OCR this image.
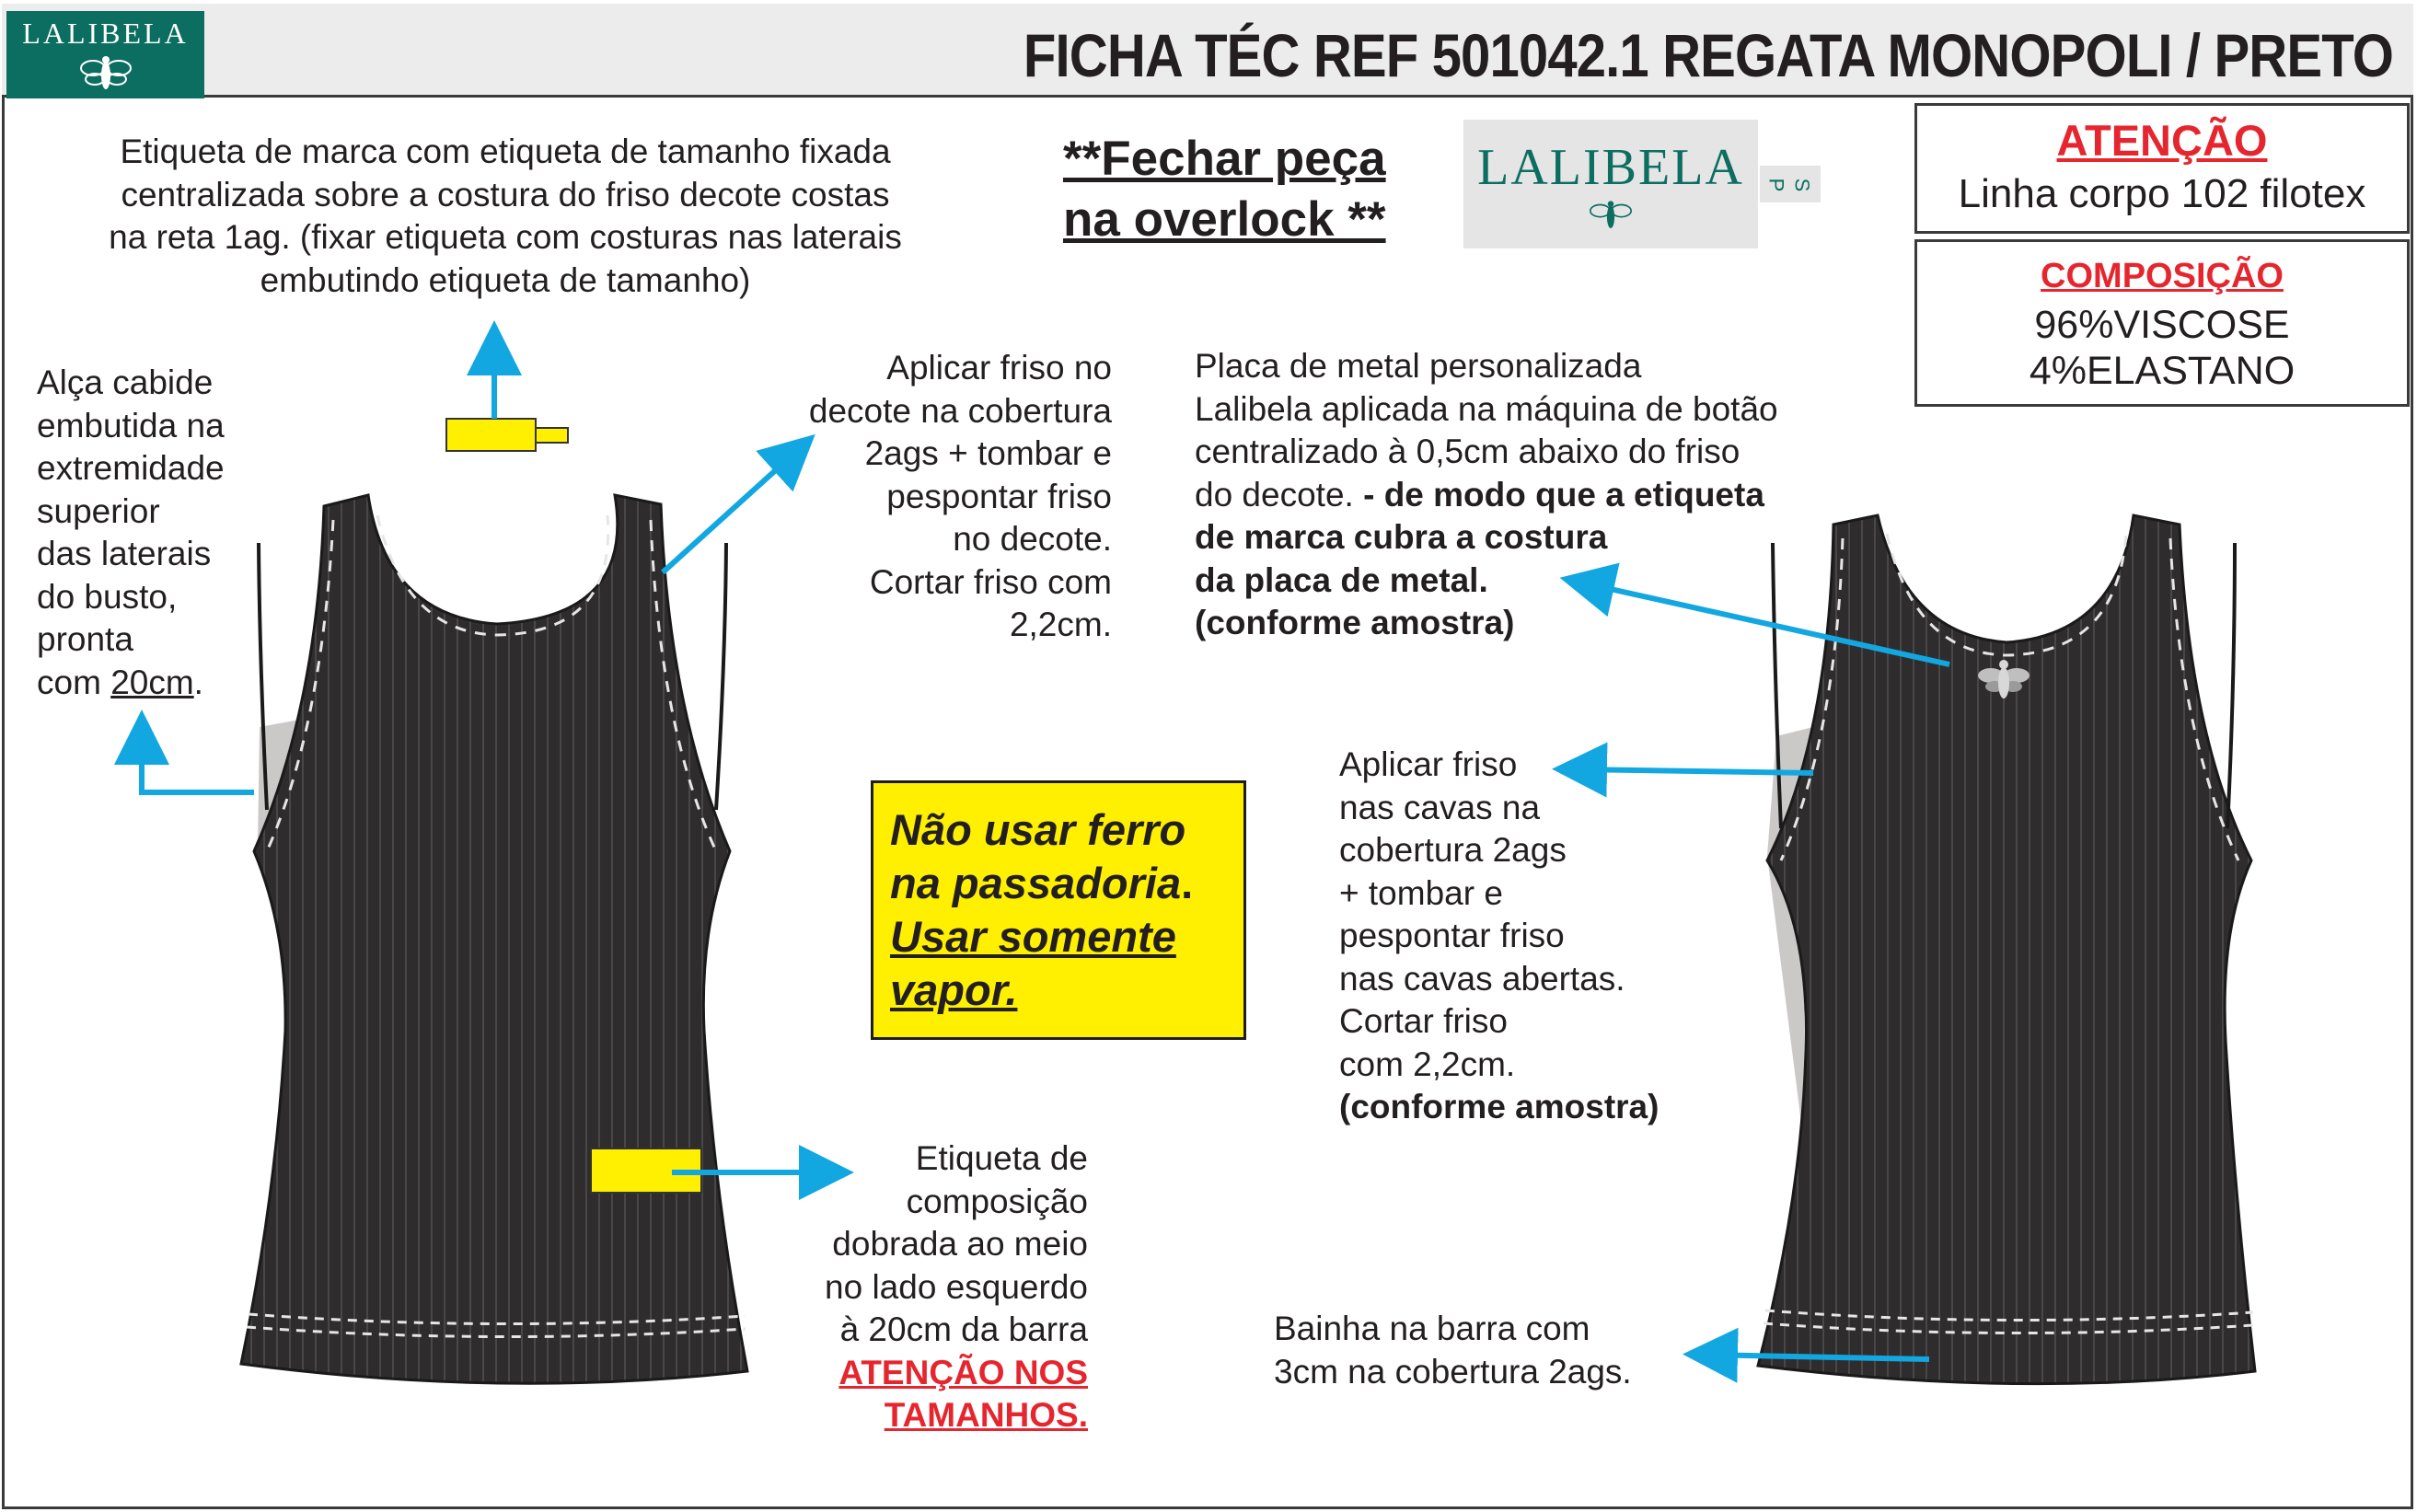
LALIBELA	FICHA TÉC REF 501042.1 REGATA MONOPOLI / PRETO
Etiqueta de marca com etiqueta de tamanho fixada
centralizada sobre a costura do friso decote costas
na reta 1ag. (fixar etiqueta com costuras nas laterais
embutindo etiqueta de tamanho)
Alça cabide
embutida na
extremidade
superior
das laterais
do busto,
pronta
com 20cm.
Aplicar friso no
decote na cobertura
2ags + tombar e
pespontar friso
no decote.
Cortar friso com
2,2cm.
**Fechar peça
na overlock **
LALIBELA	P S
ATENÇÃO
Linha corpo 102 filotex
COMPOSIÇÃO
96%VISCOSE
4%ELASTANO
Placa de metal personalizada
Lalibela aplicada na máquina de botão
centralizado à 0,5cm abaixo do friso
do decote. - de modo que a etiqueta
de marca cubra a costura
da placa de metal.
(conforme amostra)
Aplicar friso
nas cavas na
cobertura 2ags
+ tombar e
pespontar friso
nas cavas abertas.
Cortar friso
com 2,2cm.
(conforme amostra)
Não usar ferro
na passadoria.
Usar somente
vapor.
Etiqueta de
composição
dobrada ao meio
no lado esquerdo
à 20cm da barra
ATENÇÃO NOS
TAMANHOS.
Bainha na barra com
3cm na cobertura 2ags.
